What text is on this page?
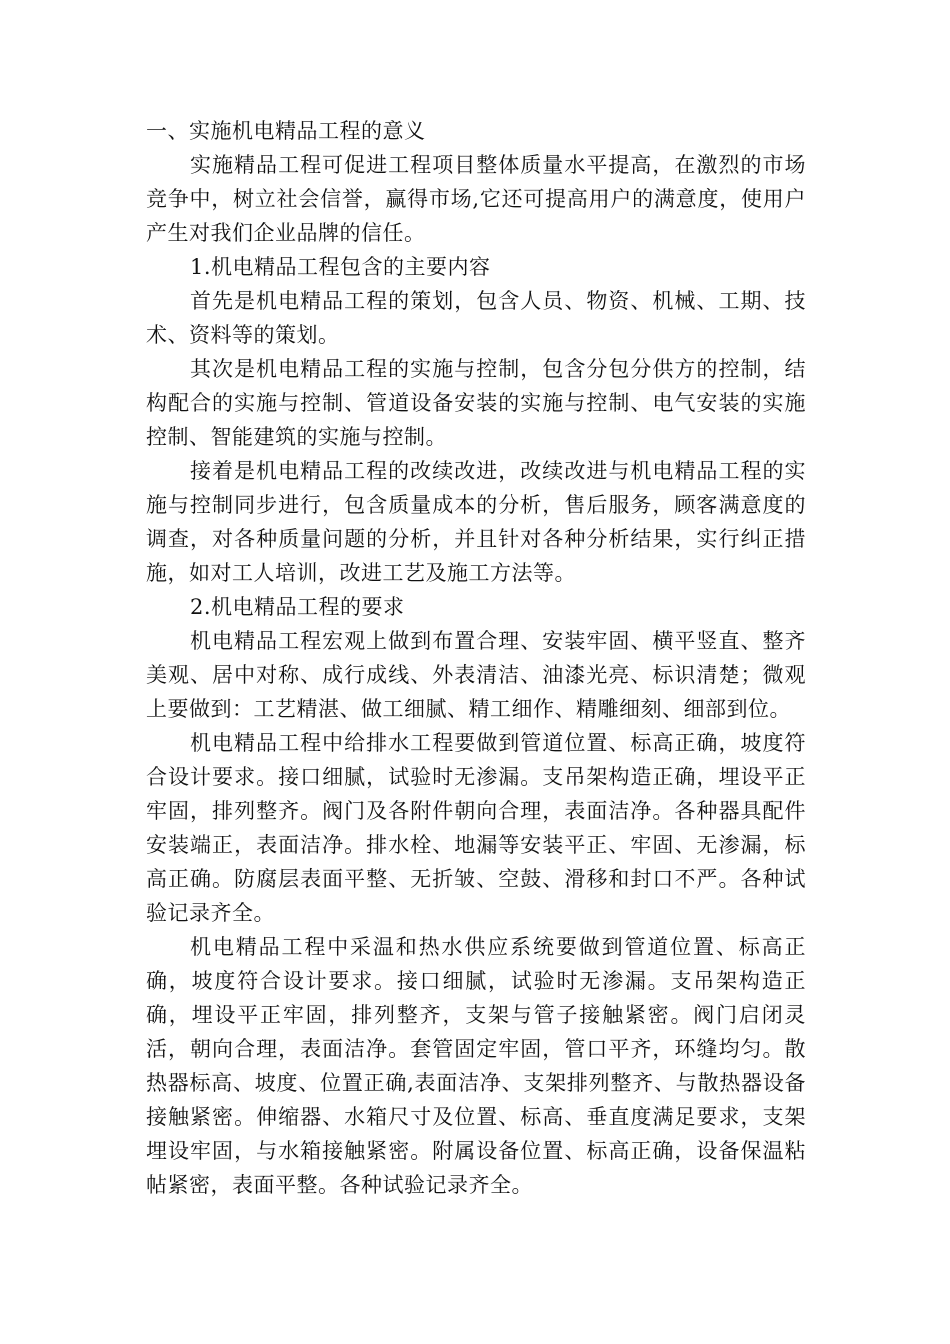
一、实施机电精品工程的意义

实施精品工程可促进工程项目整体质量水平提高，在激烈的市场竞争中，树立社会信誉，赢得市场,它还可提高用户的满意度，使用户产生对我们企业品牌的信任。

1.机电精品工程包含的主要内容

首先是机电精品工程的策划，包含人员、物资、机械、工期、技术、资料等的策划。

其次是机电精品工程的实施与控制，包含分包分供方的控制，结构配合的实施与控制、管道设备安装的实施与控制、电气安装的实施控制、智能建筑的实施与控制。

接着是机电精品工程的改续改进，改续改进与机电精品工程的实施与控制同步进行，包含质量成本的分析，售后服务，顾客满意度的调查，对各种质量问题的分析，并且针对各种分析结果，实行纠正措施，如对工人培训，改进工艺及施工方法等。

2.机电精品工程的要求

机电精品工程宏观上做到布置合理、安装牢固、横平竖直、整齐美观、居中对称、成行成线、外表清洁、油漆光亮、标识清楚；微观上要做到：工艺精湛、做工细腻、精工细作、精雕细刻、细部到位。

机电精品工程中给排水工程要做到管道位置、标高正确，坡度符合设计要求。接口细腻，试验时无渗漏。支吊架构造正确，埋设平正牢固，排列整齐。阀门及各附件朝向合理，表面洁净。各种器具配件安装端正，表面洁净。排水栓、地漏等安装平正、牢固、无渗漏，标高正确。防腐层表面平整、无折皱、空鼓、滑移和封口不严。各种试验记录齐全。

机电精品工程中采温和热水供应系统要做到管道位置、标高正确，坡度符合设计要求。接口细腻，试验时无渗漏。支吊架构造正确，埋设平正牢固，排列整齐，支架与管子接触紧密。阀门启闭灵活，朝向合理，表面洁净。套管固定牢固，管口平齐，环缝均匀。散热器标高、坡度、位置正确,表面洁净、支架排列整齐、与散热器设备接触紧密。伸缩器、水箱尺寸及位置、标高、垂直度满足要求，支架埋设牢固，与水箱接触紧密。附属设备位置、标高正确，设备保温粘帖紧密，表面平整。各种试验记录齐全。
